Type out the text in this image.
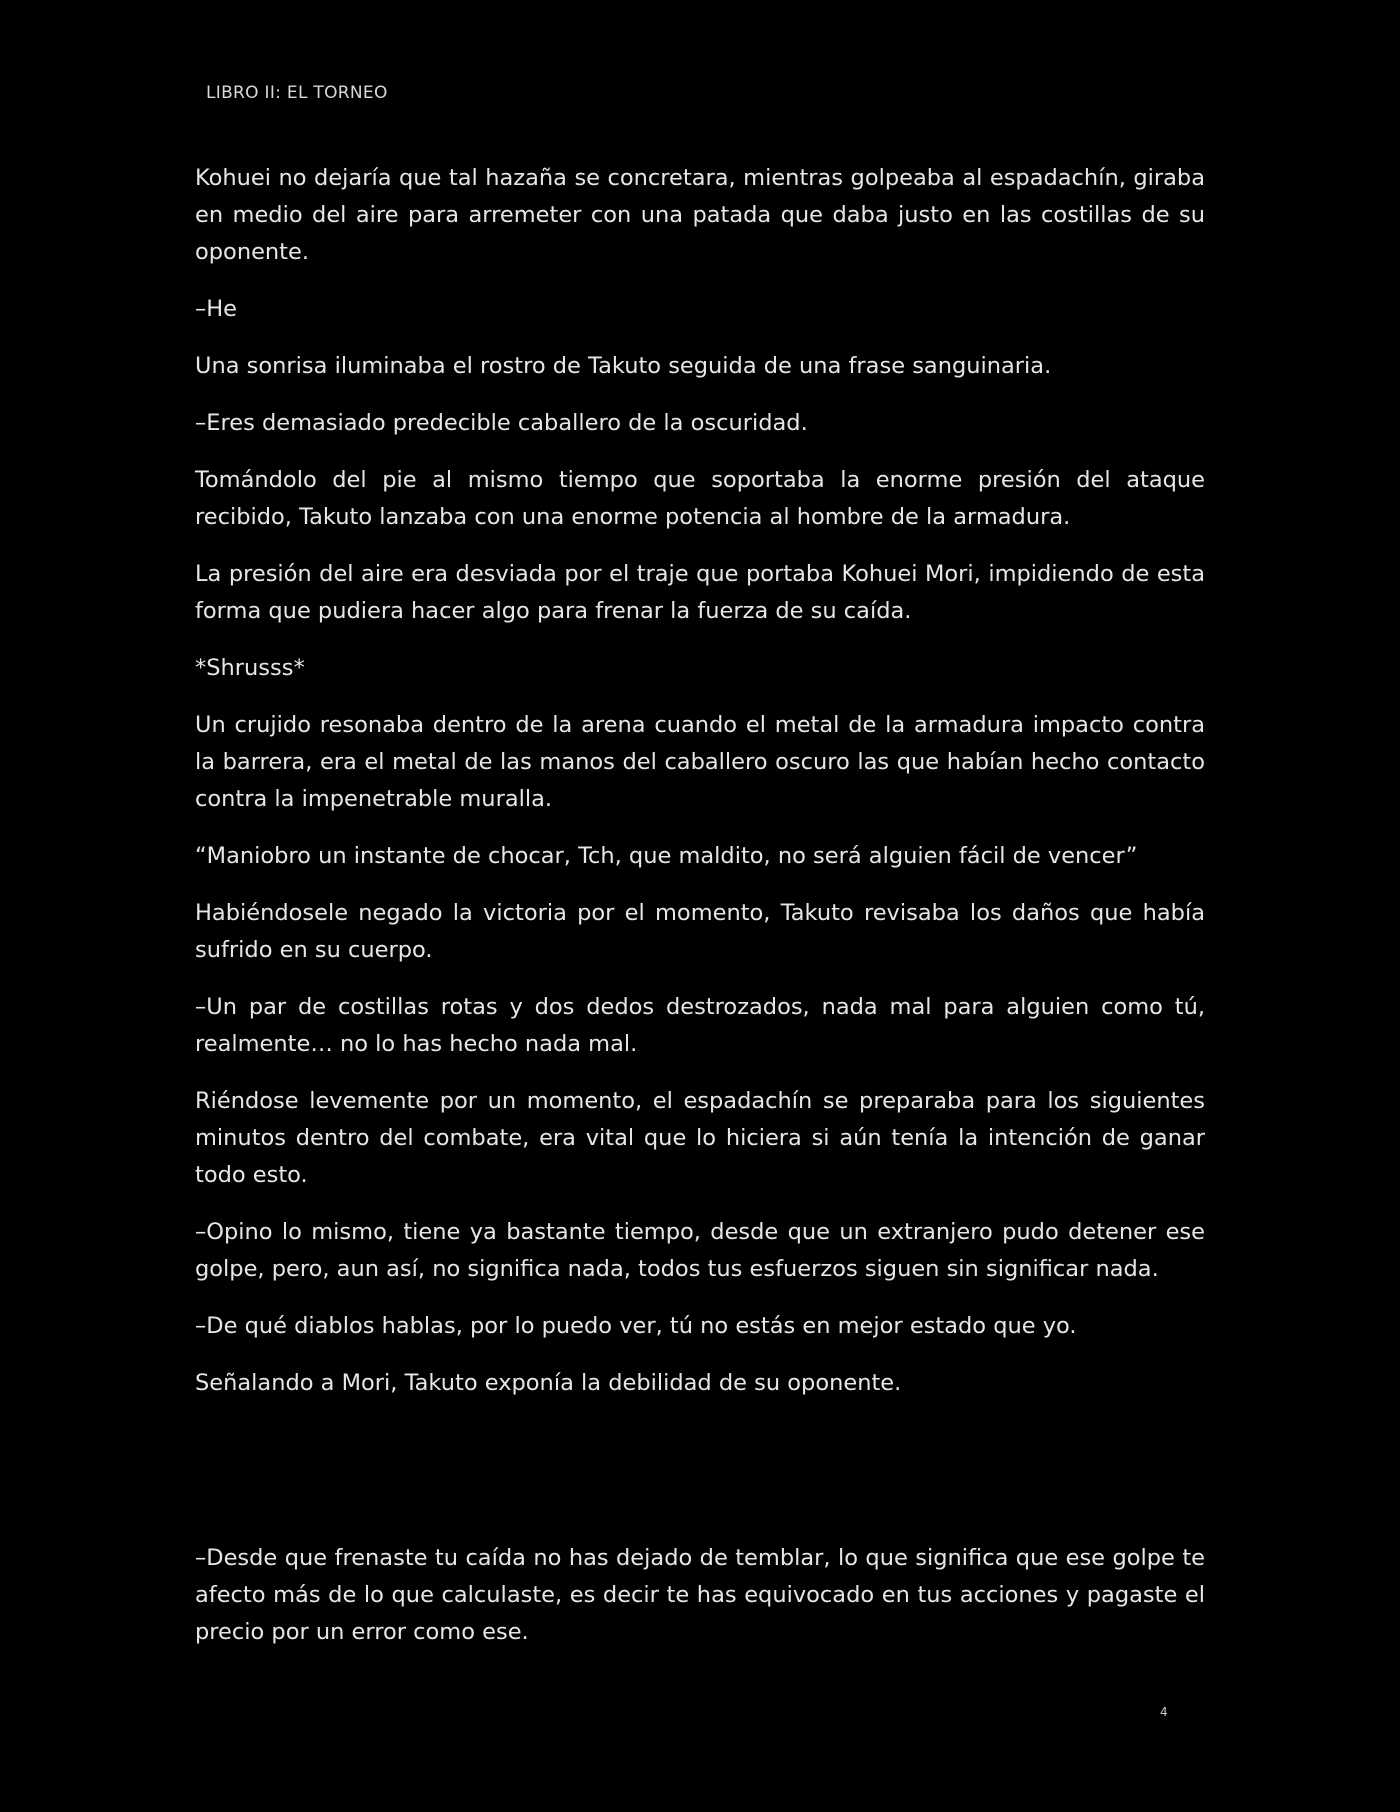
LIBRO II: EL TORNEO

Kohuei no dejaría que tal hazaña se concretara, mientras golpeaba al espadachín, giraba en medio del aire para arremeter con una patada que daba justo en las costillas de su oponente.

–He

Una sonrisa iluminaba el rostro de Takuto seguida de una frase sanguinaria.

–Eres demasiado predecible caballero de la oscuridad.

Tomándolo del pie al mismo tiempo que soportaba la enorme presión del ataque recibido, Takuto lanzaba con una enorme potencia al hombre de la armadura.

La presión del aire era desviada por el traje que portaba Kohuei Mori, impidiendo de esta forma que pudiera hacer algo para frenar la fuerza de su caída.

*Shrusss*

Un crujido resonaba dentro de la arena cuando el metal de la armadura impacto contra la barrera, era el metal de las manos del caballero oscuro las que habían hecho contacto contra la impenetrable muralla.

“Maniobro un instante de chocar, Tch, que maldito, no será alguien fácil de vencer”

Habiéndosele negado la victoria por el momento, Takuto revisaba los daños que había sufrido en su cuerpo.

–Un par de costillas rotas y dos dedos destrozados, nada mal para alguien como tú, realmente… no lo has hecho nada mal.

Riéndose levemente por un momento, el espadachín se preparaba para los siguientes minutos dentro del combate, era vital que lo hiciera si aún tenía la intención de ganar todo esto.

–Opino lo mismo, tiene ya bastante tiempo, desde que un extranjero pudo detener ese golpe, pero, aun así, no significa nada, todos tus esfuerzos siguen sin significar nada.

–De qué diablos hablas, por lo puedo ver, tú no estás en mejor estado que yo.

Señalando a Mori, Takuto exponía la debilidad de su oponente.

–Desde que frenaste tu caída no has dejado de temblar, lo que significa que ese golpe te afecto más de lo que calculaste, es decir te has equivocado en tus acciones y pagaste el precio por un error como ese.

4
